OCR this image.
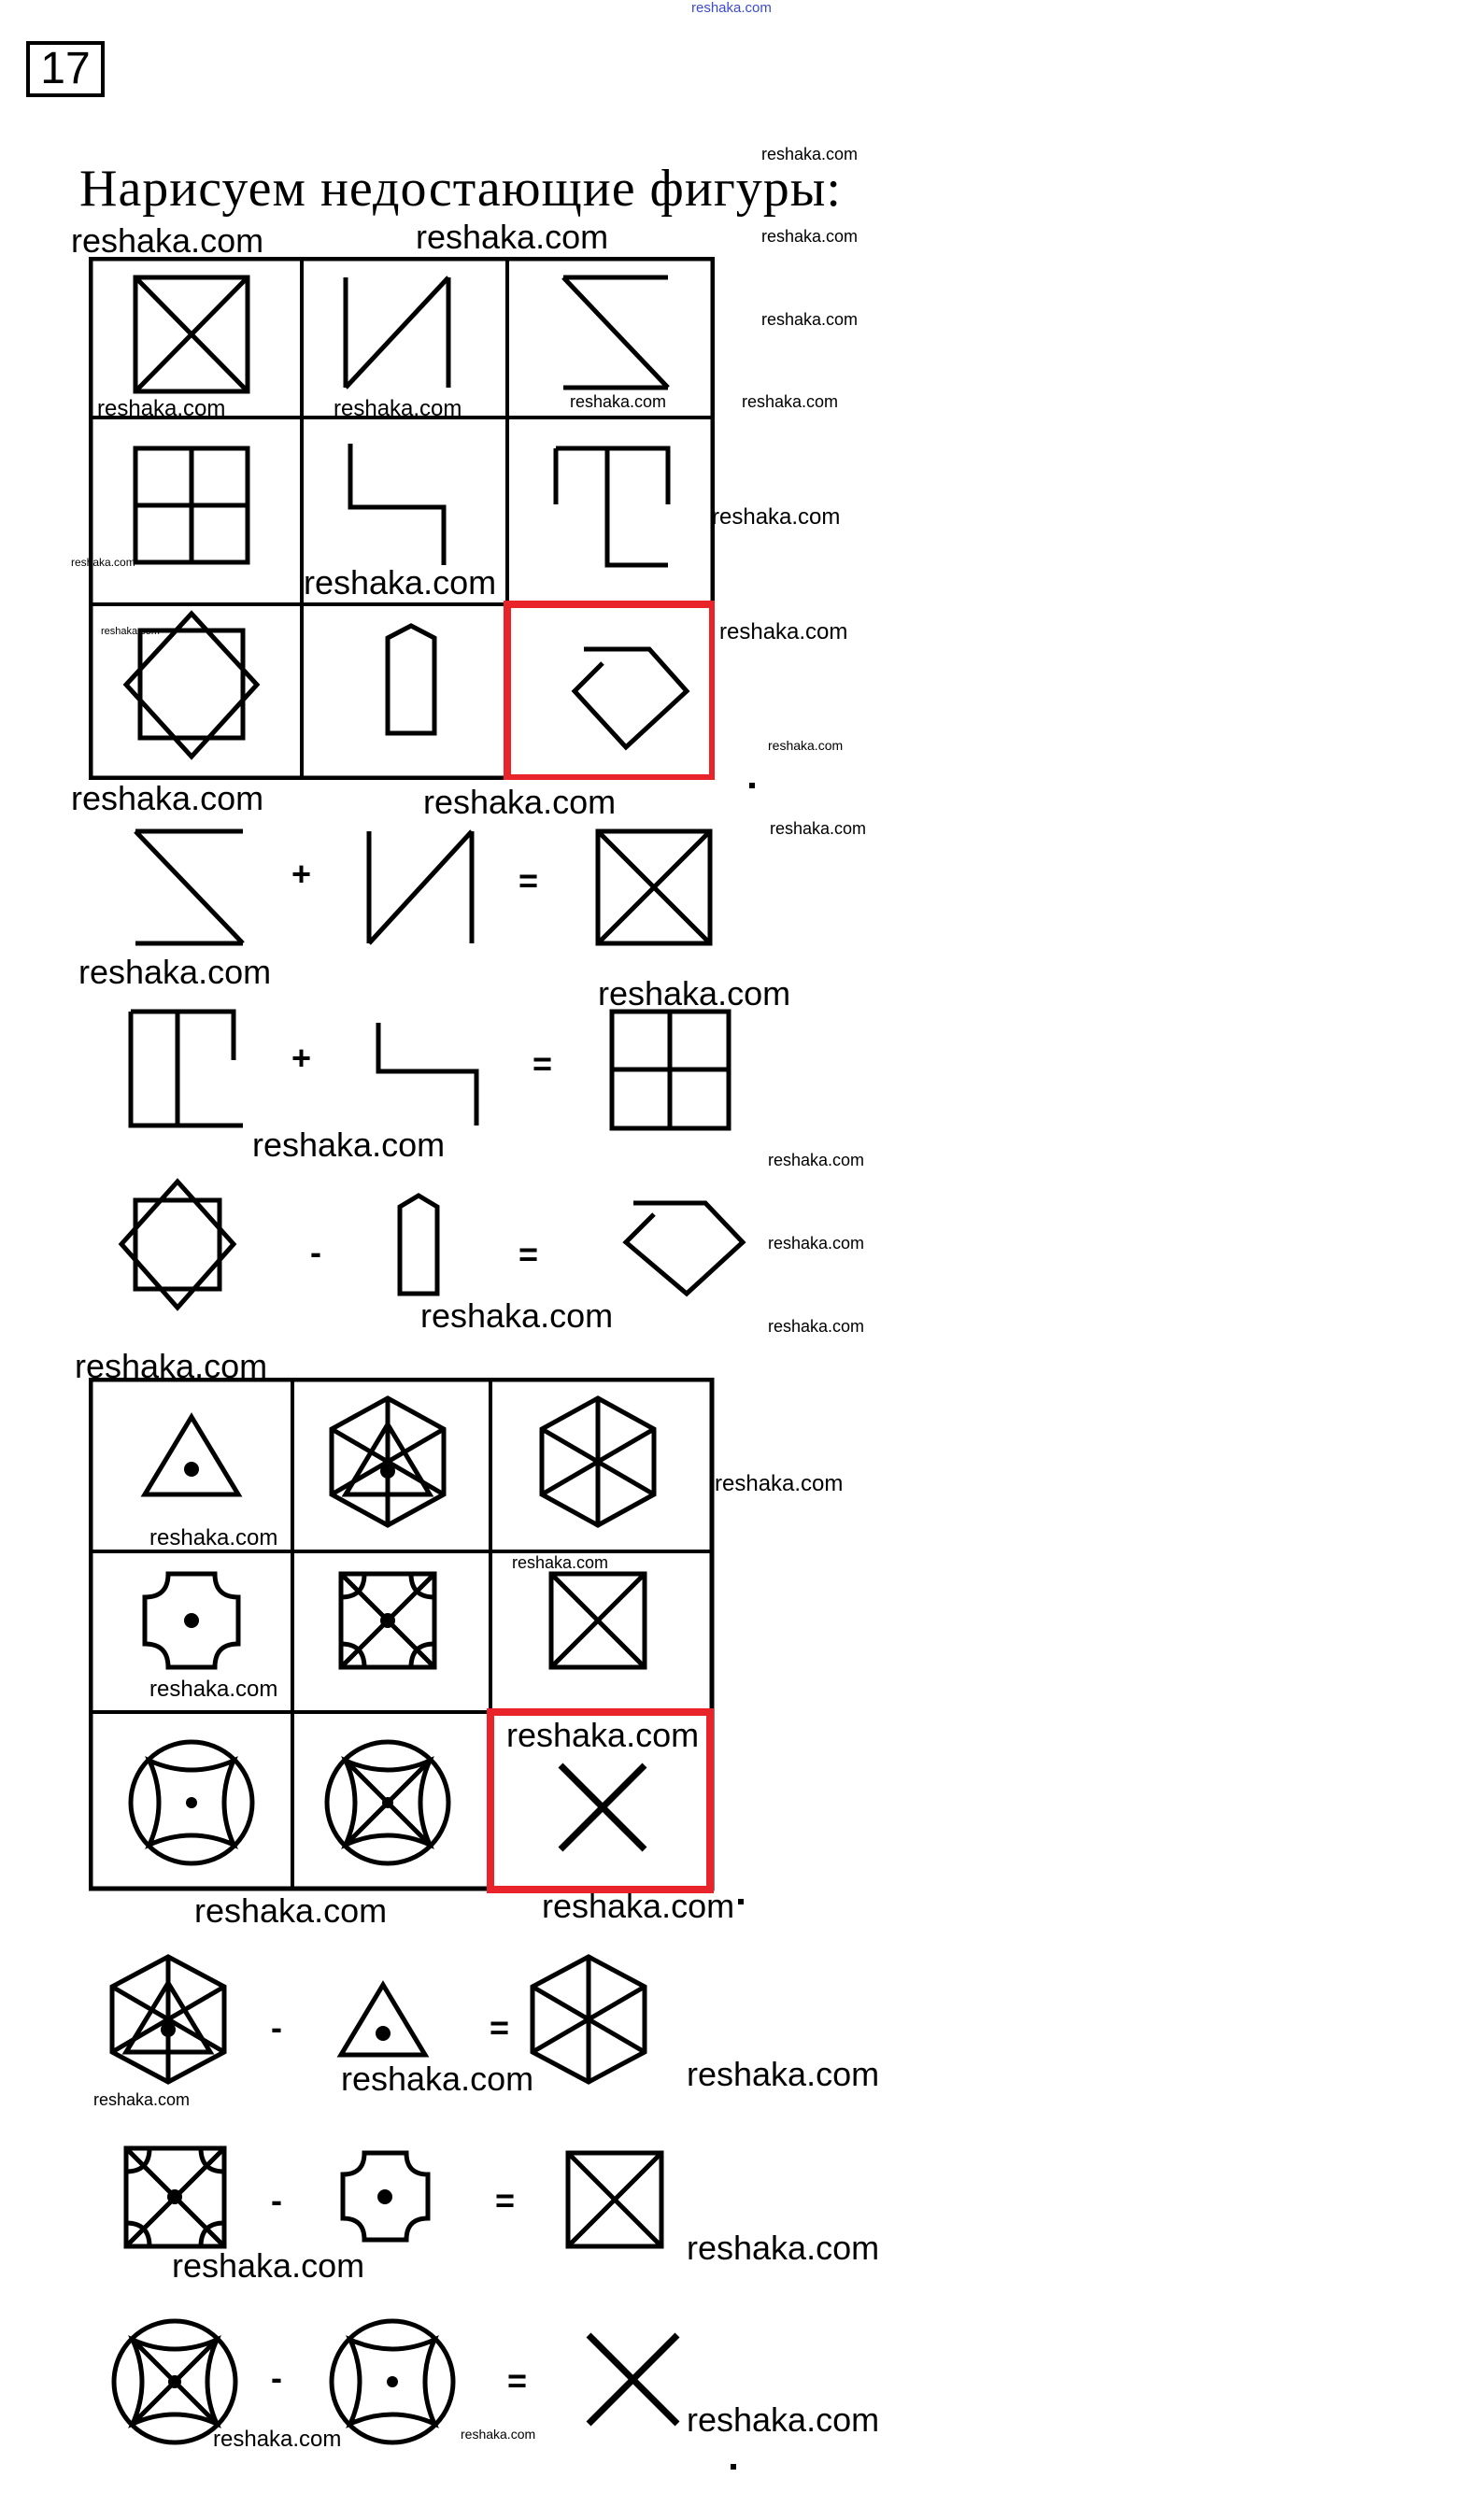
reshaka.com
17
Нарисуем недостающие фигуры:
+	=
+	=
-	=
-	=
-	=
-	=
reshaka.com
reshaka.com	reshaka.com	reshaka.com
reshaka.com
reshaka.com	reshaka.com	reshaka.com	reshaka.com
reshaka.com
reshaka.com
reshaka.com
reshaka.com	reshaka.com
reshaka.com
reshaka.com	reshaka.com
reshaka.com
reshaka.com
reshaka.com
reshaka.com	reshaka.com
reshaka.com
reshaka.com	reshaka.com
reshaka.com
reshaka.com
reshaka.com
reshaka.com
reshaka.com
reshaka.com
reshaka.com	reshaka.com
reshaka.com
reshaka.com
reshaka.com
reshaka.com	reshaka.com
reshaka.com	reshaka.com	reshaka.com
